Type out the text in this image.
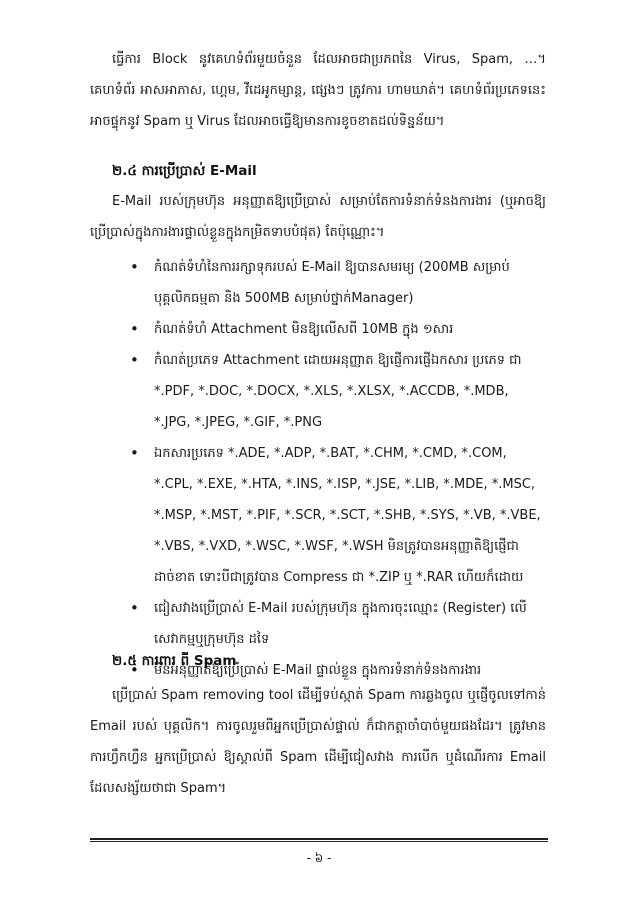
ធ្វើការ Block នូវគេហទំព័រមួយចំនួន ដែលអាចជាប្រភពនៃ Virus, Spam, …។ គេហទំព័រ អាសអាភាស, ហ្គេម, វីដេអូកម្សាន្ត, ផ្សេងៗ ត្រូវការ ហាមឃាត់។ គេហទំព័រប្រភេទនេះ អាចផ្ទុកនូវ Spam ឬ Virus ដែលអាចធ្វើឱ្យមានការខូចខាតដល់ទិន្នន័យ។

២.៤ ការប្រើប្រាស់ E-Mail

E-Mail របស់ក្រុមហ៊ុន អនុញ្ញាតឱ្យប្រើប្រាស់ សម្រាប់តែការទំនាក់ទំនងការងារ (ឬអាចឱ្យប្រើប្រាស់ក្នុងការងារផ្ទាល់ខ្លួនក្នុងកម្រិតទាបបំផុត) តែប៉ុណ្ណោះ។

• កំណត់ទំហំនៃការរក្សាទុករបស់ E-Mail ឱ្យបានសមរម្យ (200MB សម្រាប់បុគ្គលិកធម្មតា និង 500MB សម្រាប់ថ្នាក់Manager)
• កំណត់ទំហំ Attachment មិនឱ្យលើសពី 10MB ក្នុង ១សារ
• កំណត់ប្រភេទ Attachment ដោយអនុញ្ញាត ឱ្យផ្ញើការផ្ញើឯកសារ ប្រភេទ ជា *.PDF, *.DOC, *.DOCX, *.XLS, *.XLSX, *.ACCDB, *.MDB, *.JPG, *.JPEG, *.GIF, *.PNG
• ឯកសារប្រភេទ *.ADE, *.ADP, *.BAT, *.CHM, *.CMD, *.COM, *.CPL, *.EXE, *.HTA, *.INS, *.ISP, *.JSE, *.LIB, *.MDE, *.MSC, *.MSP, *.MST, *.PIF, *.SCR, *.SCT, *.SHB, *.SYS, *.VB, *.VBE, *.VBS, *.VXD, *.WSC, *.WSF, *.WSH មិនត្រូវបានអនុញ្ញាតិឱ្យផ្ញើជាដាច់ខាត ទោះបីជាត្រូវបាន Compress ជា *.ZIP ឬ *.RAR ហើយក៏ដោយ
• ជៀសវាងប្រើប្រាស់ E-Mail របស់ក្រុមហ៊ុន ក្នុងការចុះឈ្មោះ (Register) លើសេវាកម្មឬក្រុមហ៊ុន ដទៃ
• មិនអនុញ្ញាតិឱ្យប្រើប្រាស់ E-Mail ផ្ទាល់ខ្លួន ក្នុងការទំនាក់ទំនងការងារ
២.៥ ការពារ ពី Spam

ប្រើប្រាស់ Spam removing tool ដើម្បីទប់ស្កាត់ Spam ការឆ្លងចូល ឬផ្ញើចូលទៅកាន់ Email របស់ បុគ្គលិក។ ការចូលរួមពីអ្នកប្រើប្រាស់ផ្ទាល់ ក៏ជាកត្តាចាំបាច់មួយផងដែរ។ ត្រូវមានការហ្វឹកហ្វឺន អ្នកប្រើប្រាស់ ឱ្យស្គាល់ពី Spam ដើម្បីជៀសវាង ការបើក ឬដំណើរការ Email ដែលសង្ស័យថាជា Spam។

- ៦ -
